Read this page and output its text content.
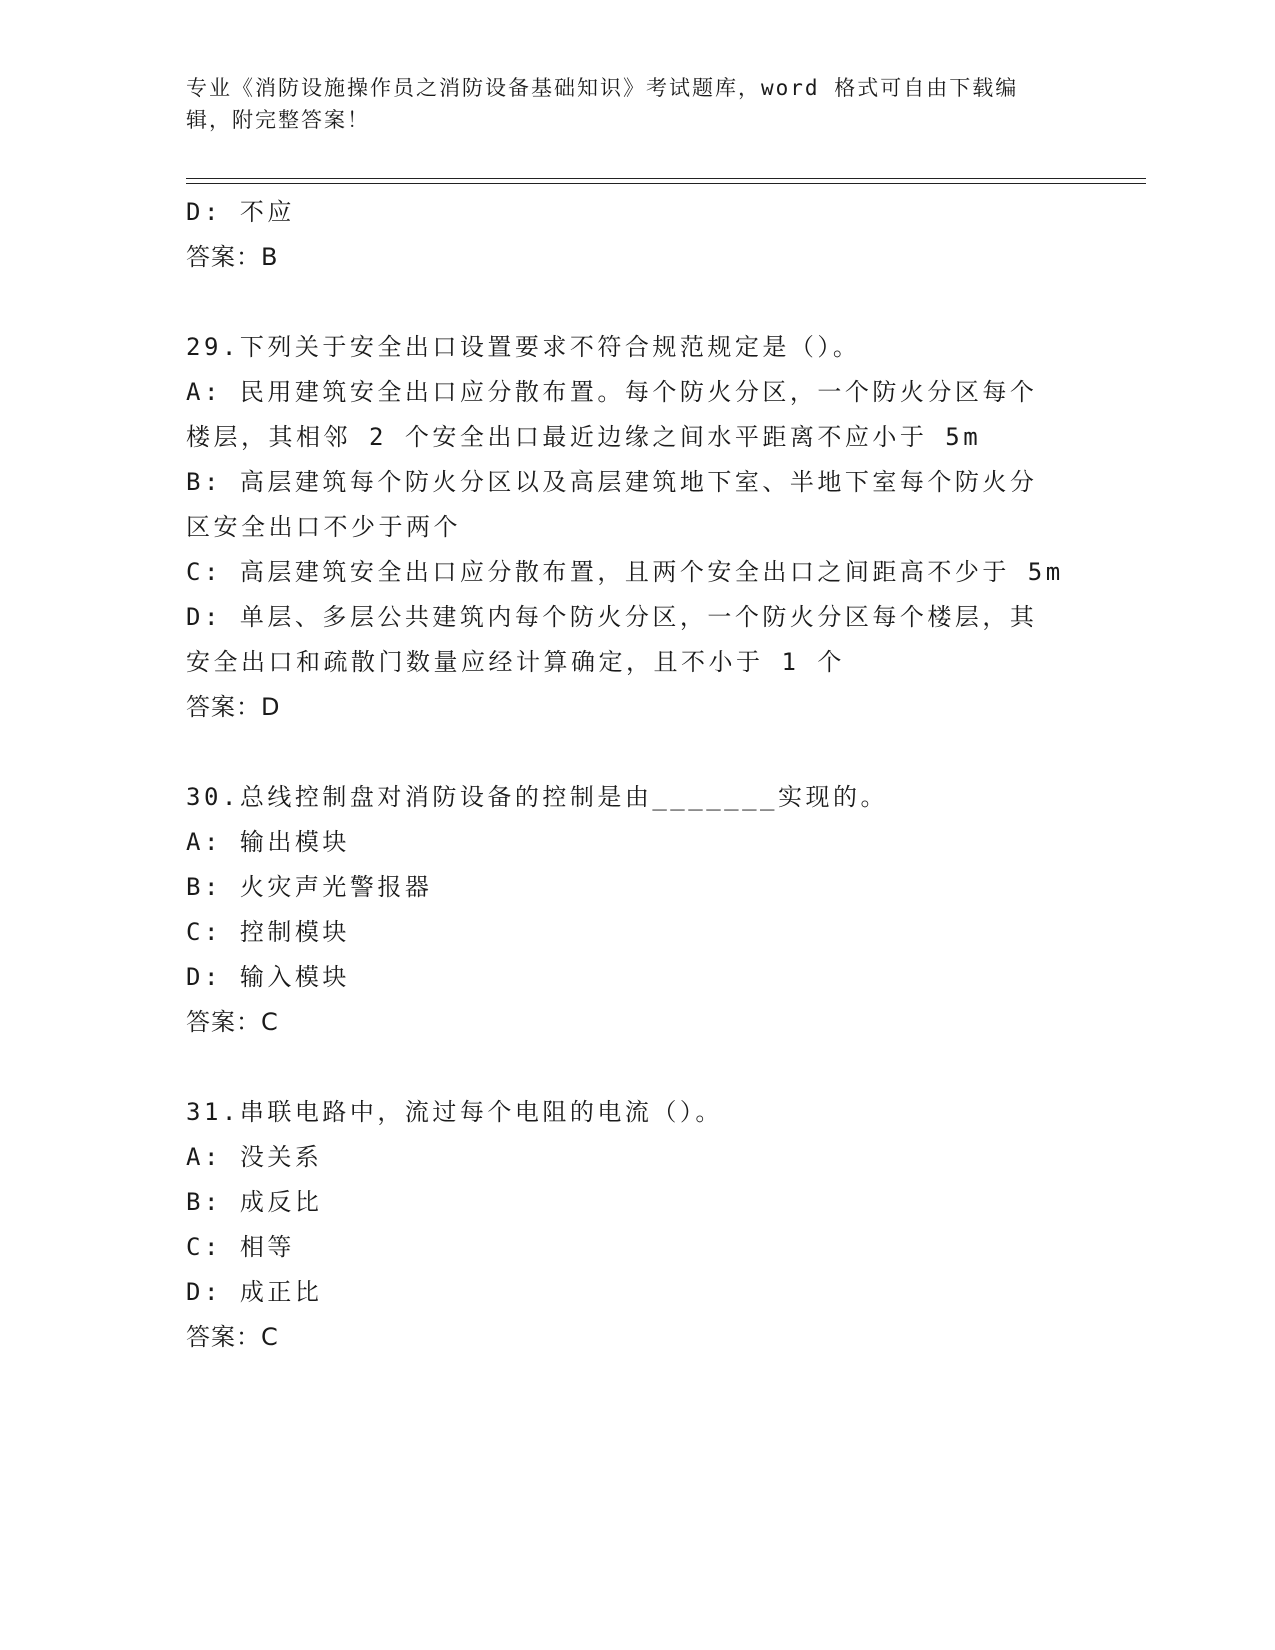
专业《消防设施操作员之消防设备基础知识》考试题库，word 格式可自由下载编
辑，附完整答案！
D: 不应
答案：B
29.下列关于安全出口设置要求不符合规范规定是（）。
A: 民用建筑安全出口应分散布置。每个防火分区，一个防火分区每个
楼层，其相邻 2 个安全出口最近边缘之间水平距离不应小于 5m
B: 高层建筑每个防火分区以及高层建筑地下室、半地下室每个防火分
区安全出口不少于两个
C: 高层建筑安全出口应分散布置，且两个安全出口之间距高不少于 5m
D: 单层、多层公共建筑内每个防火分区，一个防火分区每个楼层，其
安全出口和疏散门数量应经计算确定，且不小于 1 个
答案：D
30.总线控制盘对消防设备的控制是由_______实现的。
A: 输出模块
B: 火灾声光警报器
C: 控制模块
D: 输入模块
答案：C
31.串联电路中，流过每个电阻的电流（）。
A: 没关系
B: 成反比
C: 相等
D: 成正比
答案：C
